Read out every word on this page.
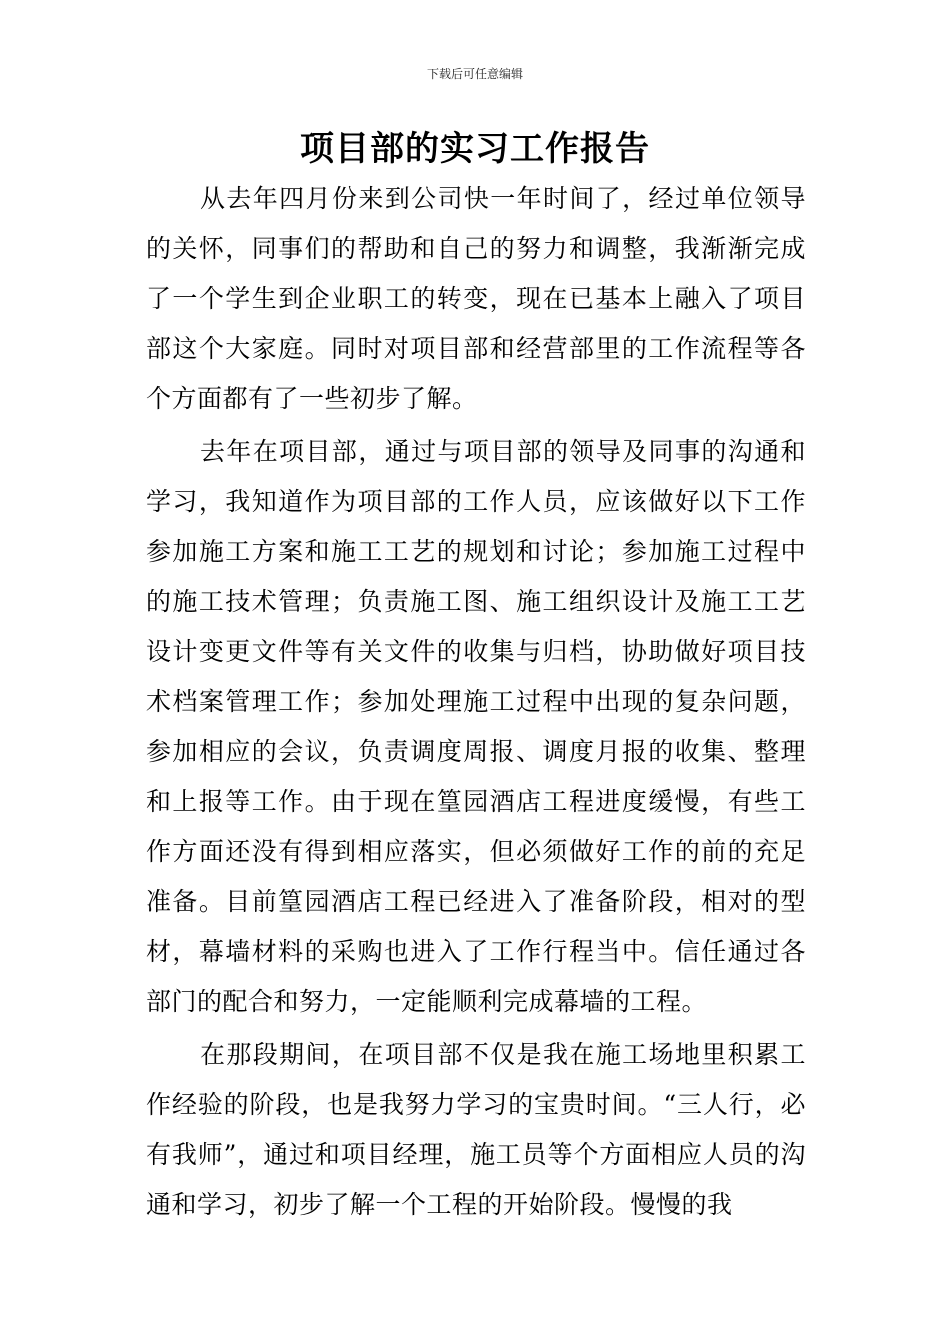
下载后可任意编辑
项目部的实习工作报告

从去年四月份来到公司快一年时间了，经过单位领导的关怀，同事们的帮助和自己的努力和调整，我渐渐完成了一个学生到企业职工的转变，现在已基本上融入了项目部这个大家庭。同时对项目部和经营部里的工作流程等各个方面都有了一些初步了解。

去年在项目部，通过与项目部的领导及同事的沟通和学习，我知道作为项目部的工作人员，应该做好以下工作参加施工方案和施工工艺的规划和讨论；参加施工过程中的施工技术管理；负责施工图、施工组织设计及施工工艺设计变更文件等有关文件的收集与归档，协助做好项目技术档案管理工作；参加处理施工过程中出现的复杂问题，参加相应的会议，负责调度周报、调度月报的收集、整理和上报等工作。由于现在篁园酒店工程进度缓慢，有些工作方面还没有得到相应落实，但必须做好工作的前的充足准备。目前篁园酒店工程已经进入了准备阶段，相对的型材，幕墙材料的采购也进入了工作行程当中。信任通过各部门的配合和努力，一定能顺利完成幕墙的工程。

在那段期间，在项目部不仅是我在施工场地里积累工作经验的阶段，也是我努力学习的宝贵时间。“三人行，必有我师”，通过和项目经理，施工员等个方面相应人员的沟通和学习，初步了解一个工程的开始阶段。慢慢的我
